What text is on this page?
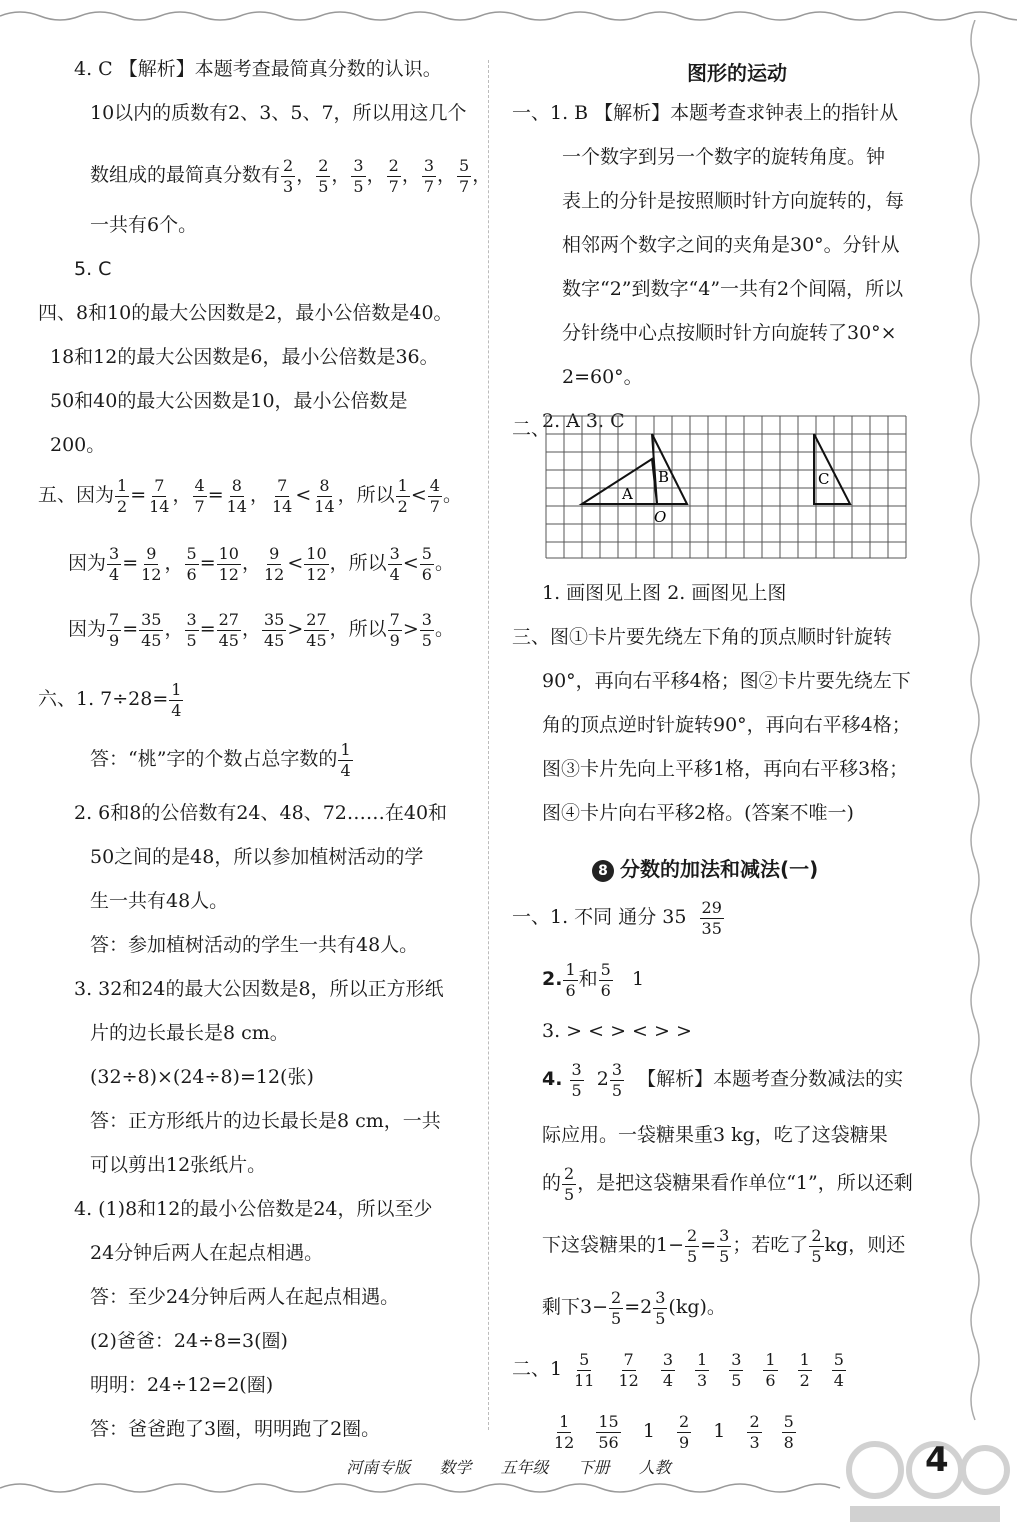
4. C 【解析】本题考查最简真分数的认识。
10以内的质数有2、3、5、7，所以用这几个
数组成的最简真分数有 $\frac{2}{3}$ ， $\frac{2}{5}$ ， $\frac{3}{5}$ ， $\frac{2}{7}$ ， $\frac{3}{7}$ ， $\frac{5}{7}$ ，
一共有6个。
5. C
四、8和10的最大公因数是2，最小公倍数是40。
18和12的最大公因数是6，最小公倍数是36。
50和40的最大公因数是10，最小公倍数是
200。
五、因为 $\frac{1}{2} = \frac{7}{14}$ ， $\frac{4}{7} = \frac{8}{14}$ ， $\frac{7}{14} < \frac{8}{14}$ ，所以 $\frac{1}{2} < \frac{4}{7}$ 。
因为 $\frac{3}{4} = \frac{9}{12}$ ， $\frac{5}{6} = \frac{10}{12}$ ， $\frac{9}{12} < \frac{10}{12}$ ，所以 $\frac{3}{4} < \frac{5}{6}$ 。
因为 $\frac{7}{9} = \frac{35}{45}$ ， $\frac{3}{5} = \frac{27}{45}$ ， $\frac{35}{45} > \frac{27}{45}$ ，所以 $\frac{7}{9} > \frac{3}{5}$ 。
六、1. $7\div 28= \frac{1}{4}$
答：“桃”字的个数占总字数的 $\frac{1}{4}$
2. 6和8的公倍数有24、48、72……在40和
50之间的是48，所以参加植树活动的学
生一共有48人。
答：参加植树活动的学生一共有48人。
3. 32和24的最大公因数是8，所以正方形纸
片的边长最长是8 cm。
(32÷8)×(24÷8)=12(张)
答：正方形纸片的边长最长是8 cm，一共
可以剪出12张纸片。
4. (1)8和12的最小公倍数是24，所以至少
24分钟后两人在起点相遇。
答：至少24分钟后两人在起点相遇。
(2)爸爸：24÷8=3(圈)
明明：24÷12=2(圈)
答：爸爸跑了3圈，明明跑了2圈。
图形的运动
一、1. B 【解析】本题考查求钟表上的指针从
一个数字到另一个数字的旋转角度。钟
表上的分针是按照顺时针方向旋转的，每
相邻两个数字之间的夹角是30°。分针从
数字“2”到数字“4”一共有2个间隔，所以
分针绕中心点按顺时针方向旋转了30°×
2=60°。
2. A 3. C
二、
A
B
O
C
1. 画图见上图 2. 画图见上图
三、图①卡片要先绕左下角的顶点顺时针旋转
90°，再向右平移4格；图②卡片要先绕左下
角的顶点逆时针旋转90°，再向右平移4格；
图③卡片先向上平移1格，再向右平移3格；
图④卡片向右平移2格。(答案不唯一)
8 分数的加法和减法(一)
一、1. 不同 通分 $35 \frac{29}{35}$
2. $\frac{1}{6}$ 和 $\frac{5}{6} 1$
3. > < > < > >
4. $\frac{3}{5} 2 \frac{3}{5}$ 【解析】本题考查分数减法的实
际应用。一袋糖果重3 kg，吃了这袋糖果
的 $\frac{2}{5}$ ，是把这袋糖果看作单位“1”，所以还剩
下这袋糖果的$1- \frac{2}{5} = \frac{3}{5}$ ；若吃了 $\frac{2}{5}$ kg，则还
剩下$3- \frac{2}{5} =2 \frac{3}{5} (kg)$。
二、$1 \frac{5}{11} \frac{7}{12} \frac{3}{4} \frac{1}{3} \frac{3}{5} \frac{1}{6} \frac{1}{2} \frac{5}{4}$
$\frac{1}{12} \frac{15}{56} 1 \frac{2}{9} 1 \frac{2}{3} \frac{5}{8}$
河南专版 数学 五年级 下册 人教	4
